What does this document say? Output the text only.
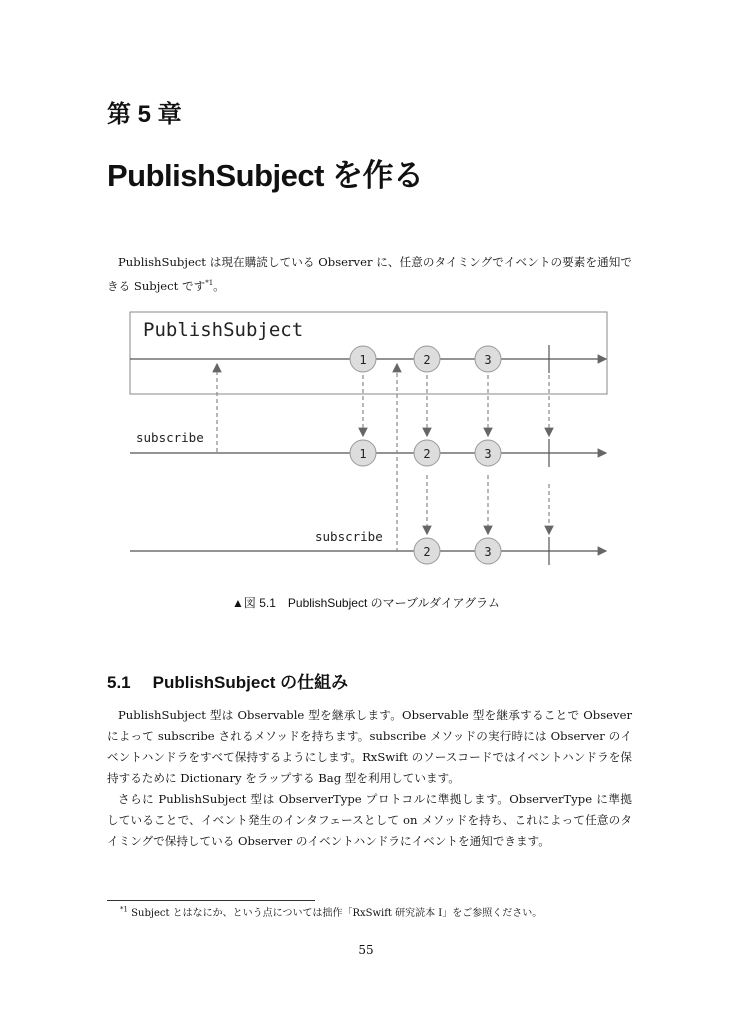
第 5 章
PublishSubject を作る
PublishSubject は現在購読している Observer に、任意のタイミングでイベントの要素を通知できる Subject です$^{*1}$。
PublishSubject
1	2	3
1	2	3
2	3
subscribe
subscribe
▲図 5.1　PublishSubject のマーブルダイアグラム
5.1 PublishSubject の仕組み
PublishSubject 型は Observable 型を継承します。Observable 型を継承することで Obsever によって subscribe されるメソッドを持ちます。subscribe メソッドの実行時には Observer のイベントハンドラをすべて保持するようにします。RxSwift のソースコードではイベントハンドラを保持するために Dictionary をラップする Bag 型を利用しています。
さらに PublishSubject 型は ObserverType プロトコルに準拠します。ObserverType に準拠していることで、イベント発生のインタフェースとして on メソッドを持ち、これによって任意のタイミングで保持している Observer のイベントハンドラにイベントを通知できます。
$^{*1}$ Subject とはなにか、という点については拙作「RxSwift 研究読本 I」をご参照ください。
55
